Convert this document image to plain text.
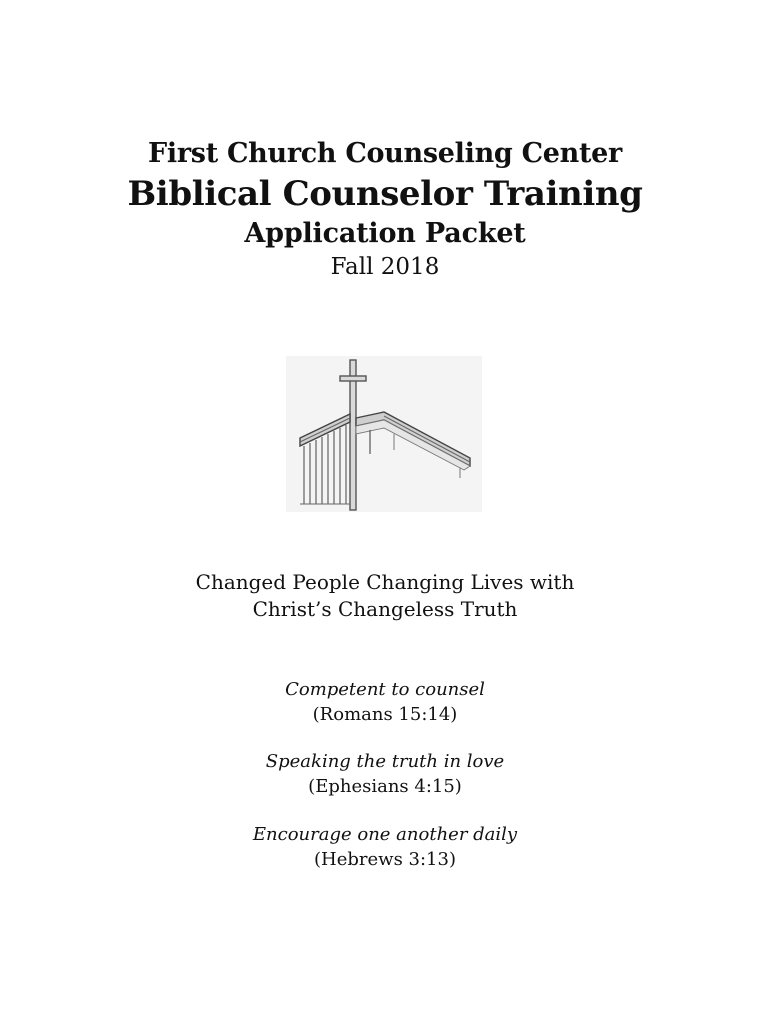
First Church Counseling Center
Biblical Counselor Training
Application Packet
Fall 2018
Changed People Changing Lives with
Christ’s Changeless Truth
Competent to counsel
(Romans 15:14)
Speaking the truth in love
(Ephesians 4:15)
Encourage one another daily
(Hebrews 3:13)
